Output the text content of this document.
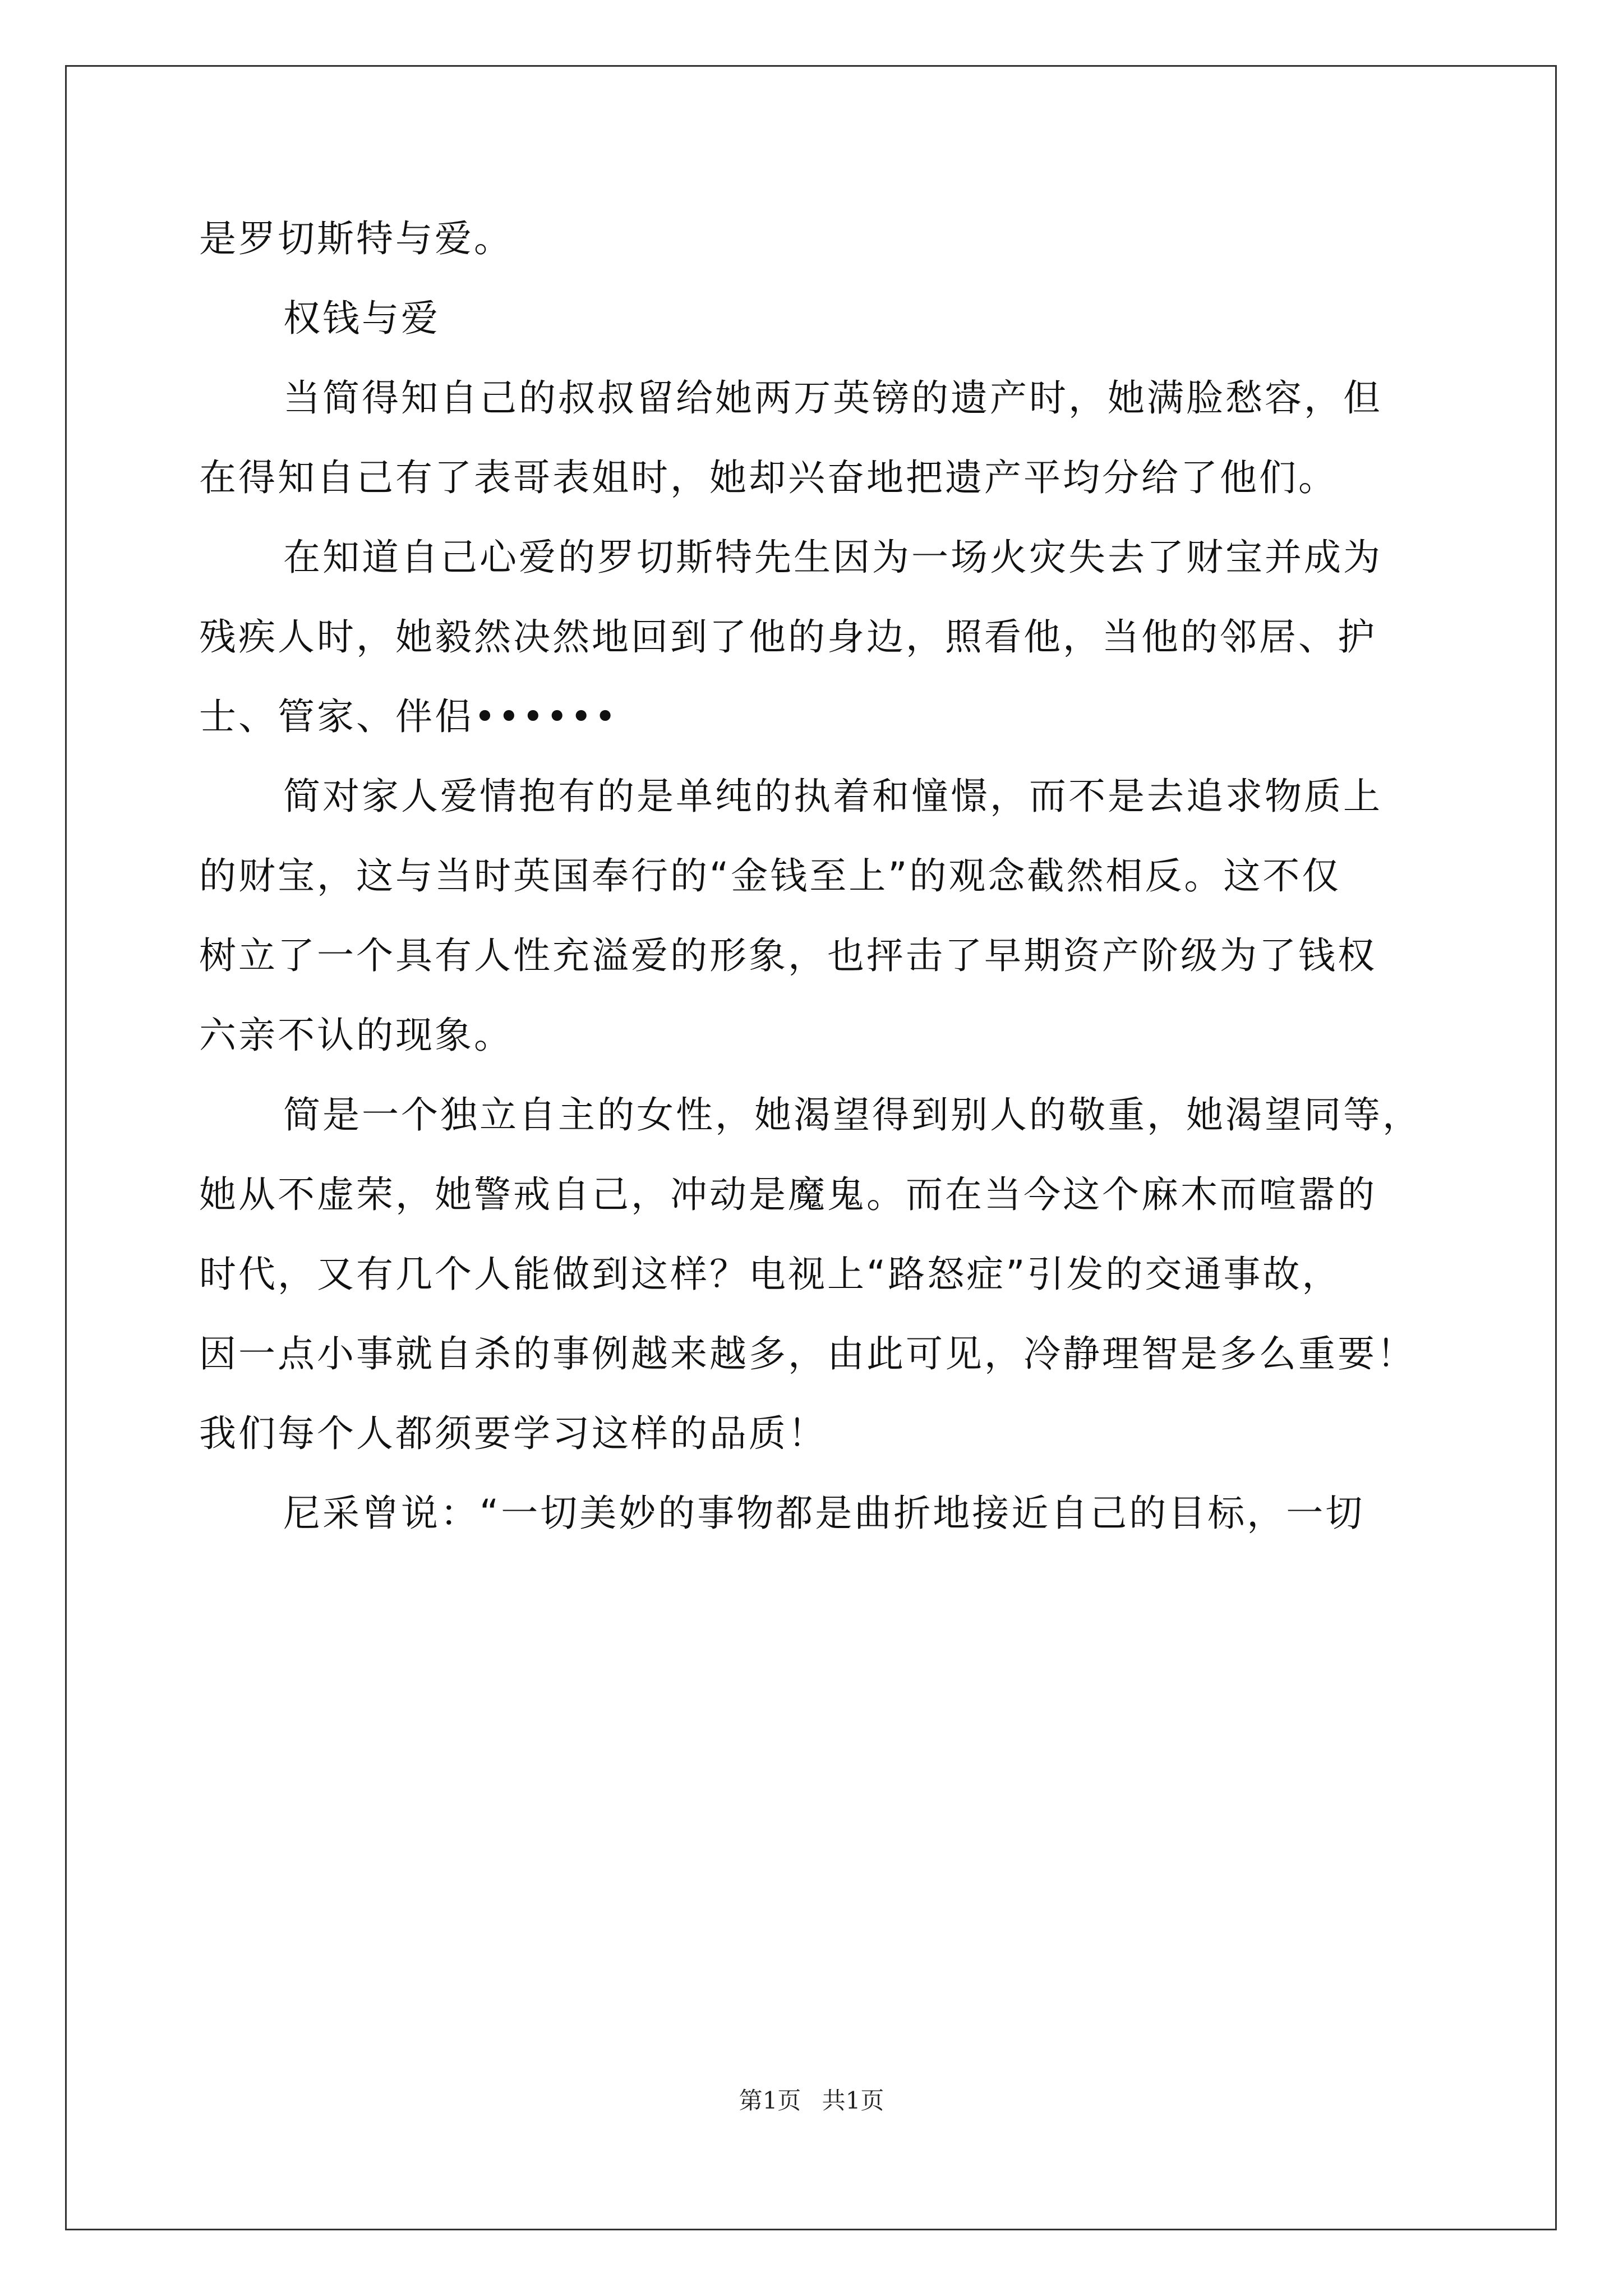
是罗切斯特与爱。
权钱与爱
当简得知自己的叔叔留给她两万英镑的遗产时，她满脸愁容，但
在得知自己有了表哥表姐时，她却兴奋地把遗产平均分给了他们。
在知道自己心爱的罗切斯特先生因为一场火灾失去了财宝并成为
残疾人时，她毅然决然地回到了他的身边，照看他，当他的邻居、护
士、管家、伴侣••••••
简对家人爱情抱有的是单纯的执着和憧憬，而不是去追求物质上
的财宝，这与当时英国奉行的“金钱至上”的观念截然相反。这不仅
树立了一个具有人性充溢爱的形象，也抨击了早期资产阶级为了钱权
六亲不认的现象。
简是一个独立自主的女性，她渴望得到别人的敬重，她渴望同等，
她从不虚荣，她警戒自己，冲动是魔鬼。而在当今这个麻木而喧嚣的
时代，又有几个人能做到这样？电视上“路怒症”引发的交通事故，
因一点小事就自杀的事例越来越多，由此可见，冷静理智是多么重要！
我们每个人都须要学习这样的品质！
尼采曾说：“一切美妙的事物都是曲折地接近自己的目标，一切
第1页 共1页
